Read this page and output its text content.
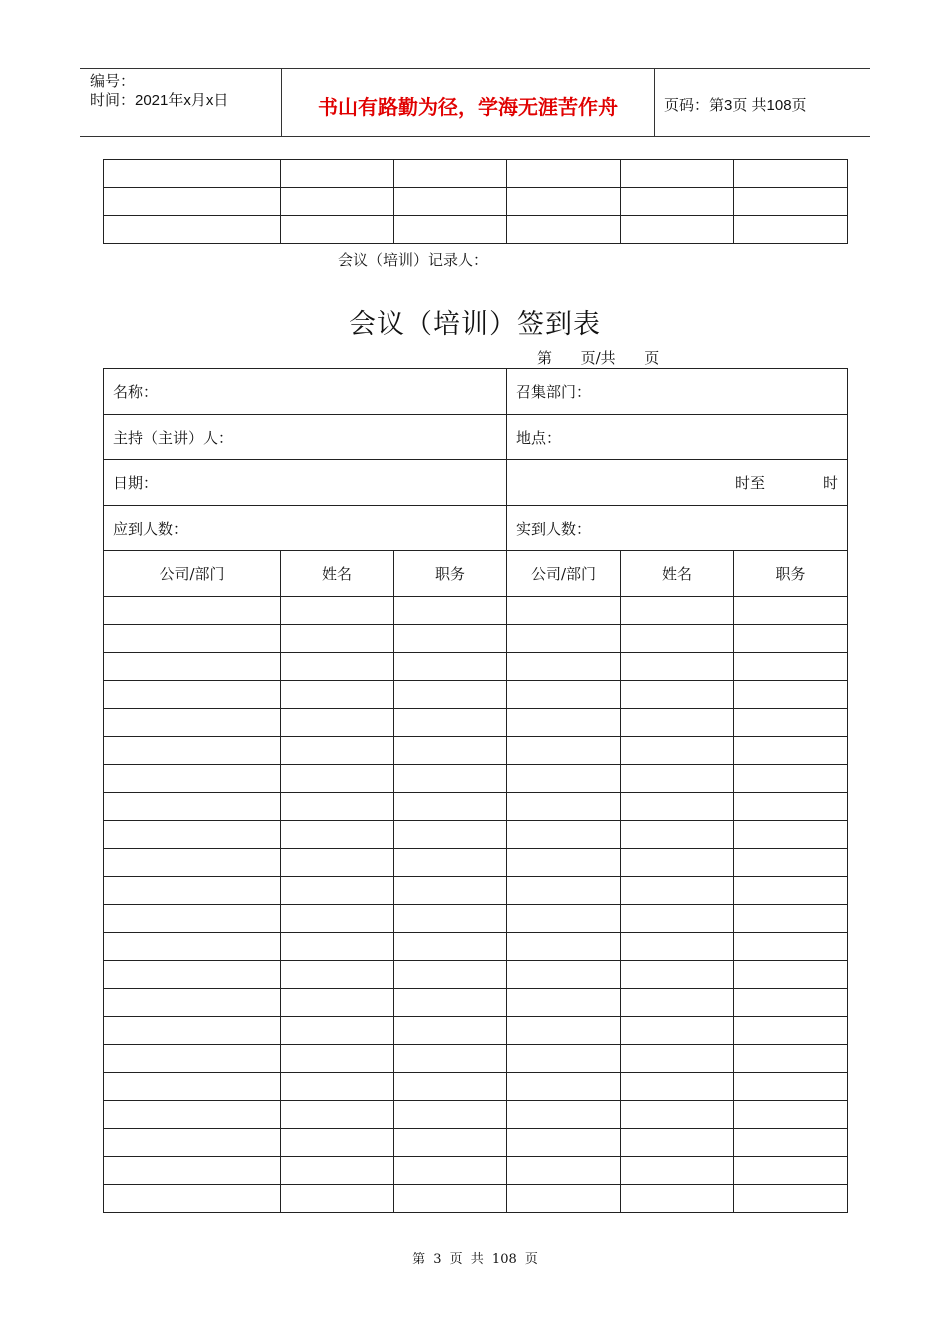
编号：
时间：2021年x月x日	书山有路勤为径，学海无涯苦作舟	页码：第3页 共108页

会议（培训）记录人：
会议（培训）签到表
第      页/共      页
名称：			召集部门：		
主持（主讲）人：			地点：		
日期：			时至 时		
应到人数：			实到人数：		
公司/部门	姓名	职务	公司/部门	姓名	职务

第 3 页 共 108 页
